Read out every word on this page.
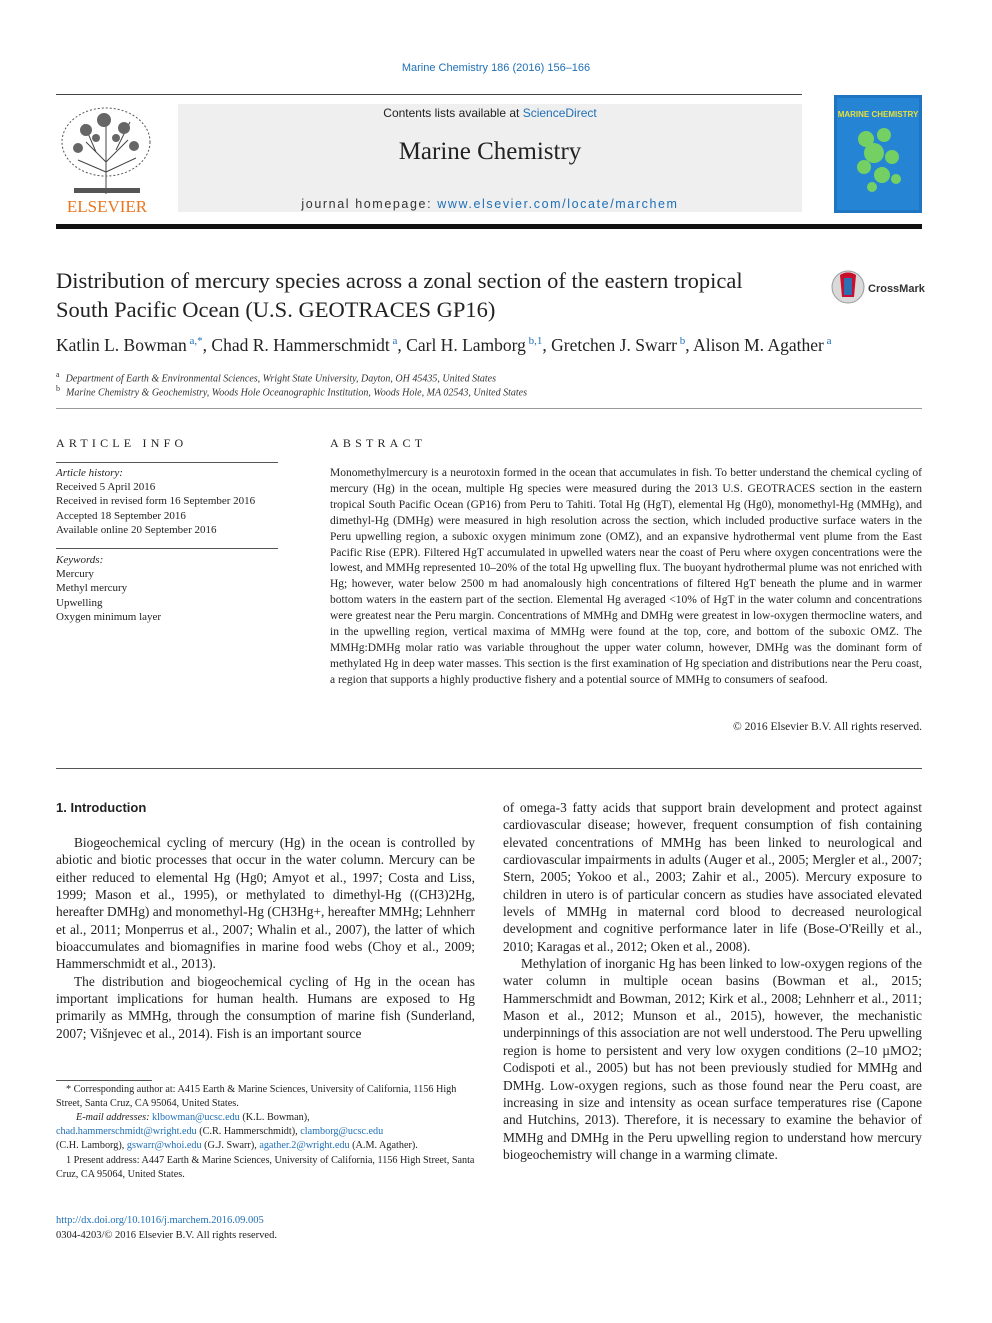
Marine Chemistry 186 (2016) 156–166
ELSEVIER
Contents lists available at ScienceDirect
Marine Chemistry
journal homepage: www.elsevier.com/locate/marchem
MARINE CHEMISTRY
Distribution of mercury species across a zonal section of the eastern tropical South Pacific Ocean (U.S. GEOTRACES GP16)
CrossMark
Katlin L. Bowman $^{a,*}$, Chad R. Hammerschmidt $^a$, Carl H. Lamborg $^{b,1}$, Gretchen J. Swarr $^b$, Alison M. Agather $^a$
$^a$ Department of Earth & Environmental Sciences, Wright State University, Dayton, OH 45435, United States
$^b$ Marine Chemistry & Geochemistry, Woods Hole Oceanographic Institution, Woods Hole, MA 02543, United States
ARTICLE INFO
Article history:
Received 5 April 2016
Received in revised form 16 September 2016
Accepted 18 September 2016
Available online 20 September 2016
Keywords:
Mercury
Methyl mercury
Upwelling
Oxygen minimum layer
ABSTRACT
Monomethylmercury is a neurotoxin formed in the ocean that accumulates in fish. To better understand the chemical cycling of mercury (Hg) in the ocean, multiple Hg species were measured during the 2013 U.S. GEOTRACES section in the eastern tropical South Pacific Ocean (GP16) from Peru to Tahiti. Total Hg (HgT), elemental Hg (Hg0), monomethyl-Hg (MMHg), and dimethyl-Hg (DMHg) were measured in high resolution across the section, which included productive surface waters in the Peru upwelling region, a suboxic oxygen minimum zone (OMZ), and an expansive hydrothermal vent plume from the East Pacific Rise (EPR). Filtered HgT accumulated in upwelled waters near the coast of Peru where oxygen concentrations were the lowest, and MMHg represented 10–20% of the total Hg upwelling flux. The buoyant hydrothermal plume was not enriched with Hg; however, water below 2500 m had anomalously high concentrations of filtered HgT beneath the plume and in warmer bottom waters in the eastern part of the section. Elemental Hg averaged <10% of HgT in the water column and concentrations were greatest near the Peru margin. Concentrations of MMHg and DMHg were greatest in low-oxygen thermocline waters, and in the upwelling region, vertical maxima of MMHg were found at the top, core, and bottom of the suboxic OMZ. The MMHg:DMHg molar ratio was variable throughout the upper water column, however, DMHg was the dominant form of methylated Hg in deep water masses. This section is the first examination of Hg speciation and distributions near the Peru coast, a region that supports a highly productive fishery and a potential source of MMHg to consumers of seafood.
© 2016 Elsevier B.V. All rights reserved.
1. Introduction

Biogeochemical cycling of mercury (Hg) in the ocean is controlled by abiotic and biotic processes that occur in the water column. Mercury can be either reduced to elemental Hg (Hg0; Amyot et al., 1997; Costa and Liss, 1999; Mason et al., 1995), or methylated to dimethyl-Hg ((CH3)2Hg, hereafter DMHg) and monomethyl-Hg (CH3Hg+, hereafter MMHg; Lehnherr et al., 2011; Monperrus et al., 2007; Whalin et al., 2007), the latter of which bioaccumulates and biomagnifies in marine food webs (Choy et al., 2009; Hammerschmidt et al., 2013).

The distribution and biogeochemical cycling of Hg in the ocean has important implications for human health. Humans are exposed to Hg primarily as MMHg, through the consumption of marine fish (Sunderland, 2007; Višnjevec et al., 2014). Fish is an important source

of omega-3 fatty acids that support brain development and protect against cardiovascular disease; however, frequent consumption of fish containing elevated concentrations of MMHg has been linked to neurological and cardiovascular impairments in adults (Auger et al., 2005; Mergler et al., 2007; Stern, 2005; Yokoo et al., 2003; Zahir et al., 2005). Mercury exposure to children in utero is of particular concern as studies have associated elevated levels of MMHg in maternal cord blood to decreased neurological development and cognitive performance later in life (Bose-O'Reilly et al., 2010; Karagas et al., 2012; Oken et al., 2008).

Methylation of inorganic Hg has been linked to low-oxygen regions of the water column in multiple ocean basins (Bowman et al., 2015; Hammerschmidt and Bowman, 2012; Kirk et al., 2008; Lehnherr et al., 2011; Mason et al., 2012; Munson et al., 2015), however, the mechanistic underpinnings of this association are not well understood. The Peru upwelling region is home to persistent and very low oxygen conditions (2–10 µMO2; Codispoti et al., 2005) but has not been previously studied for MMHg and DMHg. Low-oxygen regions, such as those found near the Peru coast, are increasing in size and intensity as ocean surface temperatures rise (Capone and Hutchins, 2013). Therefore, it is necessary to examine the behavior of MMHg and DMHg in the Peru upwelling region to understand how mercury biogeochemistry will change in a warming climate.

* Corresponding author at: A415 Earth & Marine Sciences, University of California, 1156 High Street, Santa Cruz, CA 95064, United States.
E-mail addresses: klbowman@ucsc.edu (K.L. Bowman),
chad.hammerschmidt@wright.edu (C.R. Hammerschmidt), clamborg@ucsc.edu
(C.H. Lamborg), gswarr@whoi.edu (G.J. Swarr), agather.2@wright.edu (A.M. Agather).
1 Present address: A447 Earth & Marine Sciences, University of California, 1156 High Street, Santa Cruz, CA 95064, United States.
http://dx.doi.org/10.1016/j.marchem.2016.09.005
0304-4203/© 2016 Elsevier B.V. All rights reserved.
